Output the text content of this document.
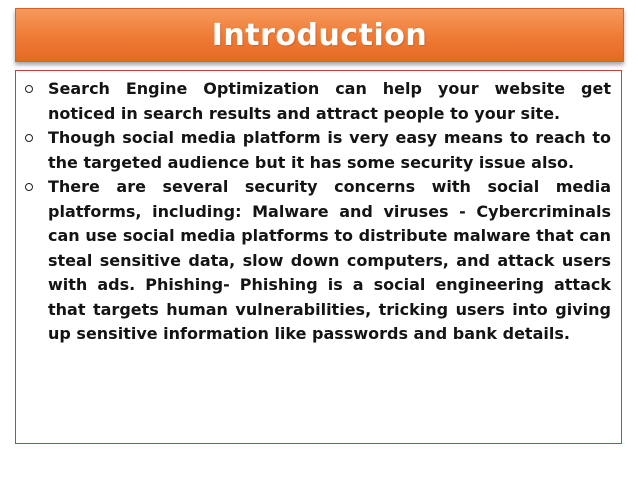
Introduction
Search Engine Optimization can help your website get noticed in search results and attract people to your site.
Though social media platform is very easy means to reach to the targeted audience but it has some security issue also.
There are several security concerns with social media platforms, including: Malware and viruses - Cybercriminals can use social media platforms to distribute malware that can steal sensitive data, slow down computers, and attack users with ads. Phishing- Phishing is a social engineering attack that targets human vulnerabilities, tricking users into giving up sensitive information like passwords and bank details.
